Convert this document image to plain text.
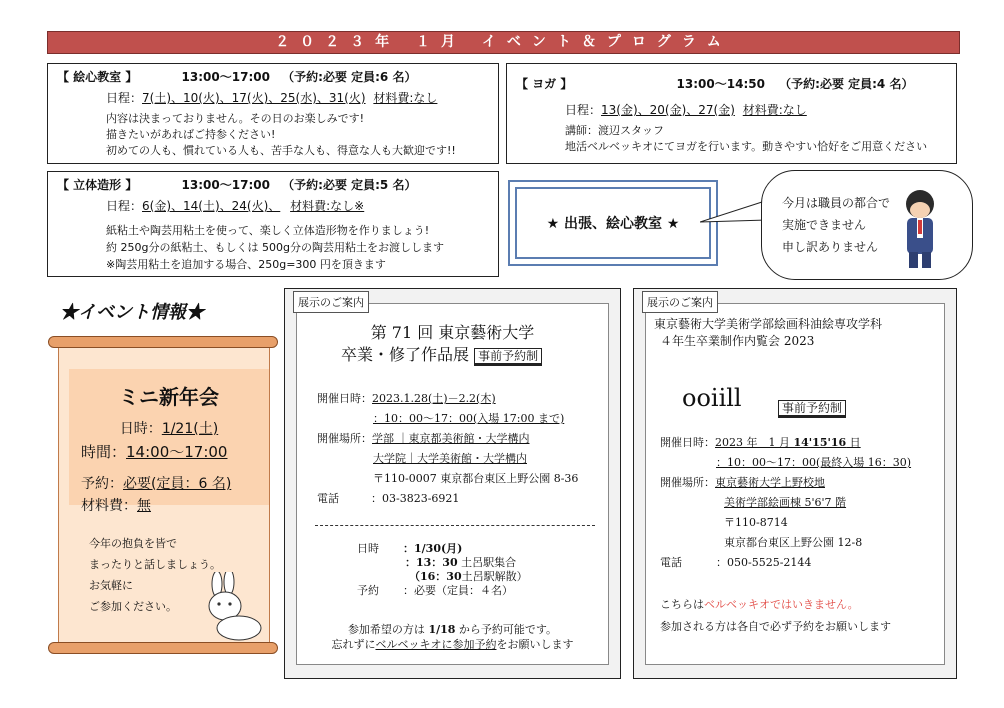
２０２３年 １月 イベント＆プログラム
【 絵心教室 】	13:00～17:00 （予約:必要 定員:6 名）
日程：7(土)、10(火)、17(火)、25(水)、31(火) 材料費:なし
内容は決まっておりません。その日のお楽しみです!
描きたいがあればご持参ください!
初めての人も、慣れている人も、苦手な人も、得意な人も大歓迎です!!
【 ヨガ 】	13:00～14:50 （予約:必要 定員:4 名）
日程：13(金)、20(金)、27(金) 材料費:なし
講師：渡辺スタッフ
地活ベルベッキオにてヨガを行います。動きやすい恰好をご用意ください
【 立体造形 】	13:00～17:00 （予約:必要 定員:5 名）
日程：6(金)、14(土)、24(火)、 材料費:なし※
紙粘土や陶芸用粘土を使って、楽しく立体造形物を作りましょう!
約 250g分の紙粘土、もしくは 500g分の陶芸用粘土をお渡しします
※陶芸用粘土を追加する場合、250g=300 円を頂きます
★ 出張、絵心教室 ★
今月は職員の都合で
実施できません
申し訳ありません
★イベント情報★
ミニ新年会
日時：1/21(土)
時間：14:00～17:00
予約：必要(定員：6 名)
材料費：無
今年の抱負を皆で
まったりと話しましょう。
お気軽に
ご参加ください。
第 71 回 東京藝術大学
卒業・修了作品展 事前予約制
開催日時：2023.1.28(土)－2.2(木)
：10：00～17：00(入場 17:00 まで)
開催場所：学部 ｜東京都美術館・大学構内
大学院｜大学美術館・大学構内
〒110-0007 東京都台東区上野公園 8-36
電話	：03-3823-6921
日時 ：1/30(月)
：13：30 土呂駅集合
（16：30土呂駅解散）
予約 ：必要（定員：４名）
参加希望の方は 1/18 から予約可能です。
忘れずにベルベッキオに参加予約をお願いします
展示のご案内
東京藝術大学美術学部絵画科油絵専攻学科
４年生卒業制作内覧会 2023
ooiill	事前予約制
開催日時：2023 年　1 月 14'15'16 日
：10：00～17：00(最終入場 16：30)
開催場所：東京藝術大学上野校地
美術学部絵画棟 5'6'7 階
〒110-8714
東京都台東区上野公園 12-8
電話	：050-5525-2144
こちらはベルベッキオではいきません。
参加される方は各自で必ず予約をお願いします
展示のご案内
